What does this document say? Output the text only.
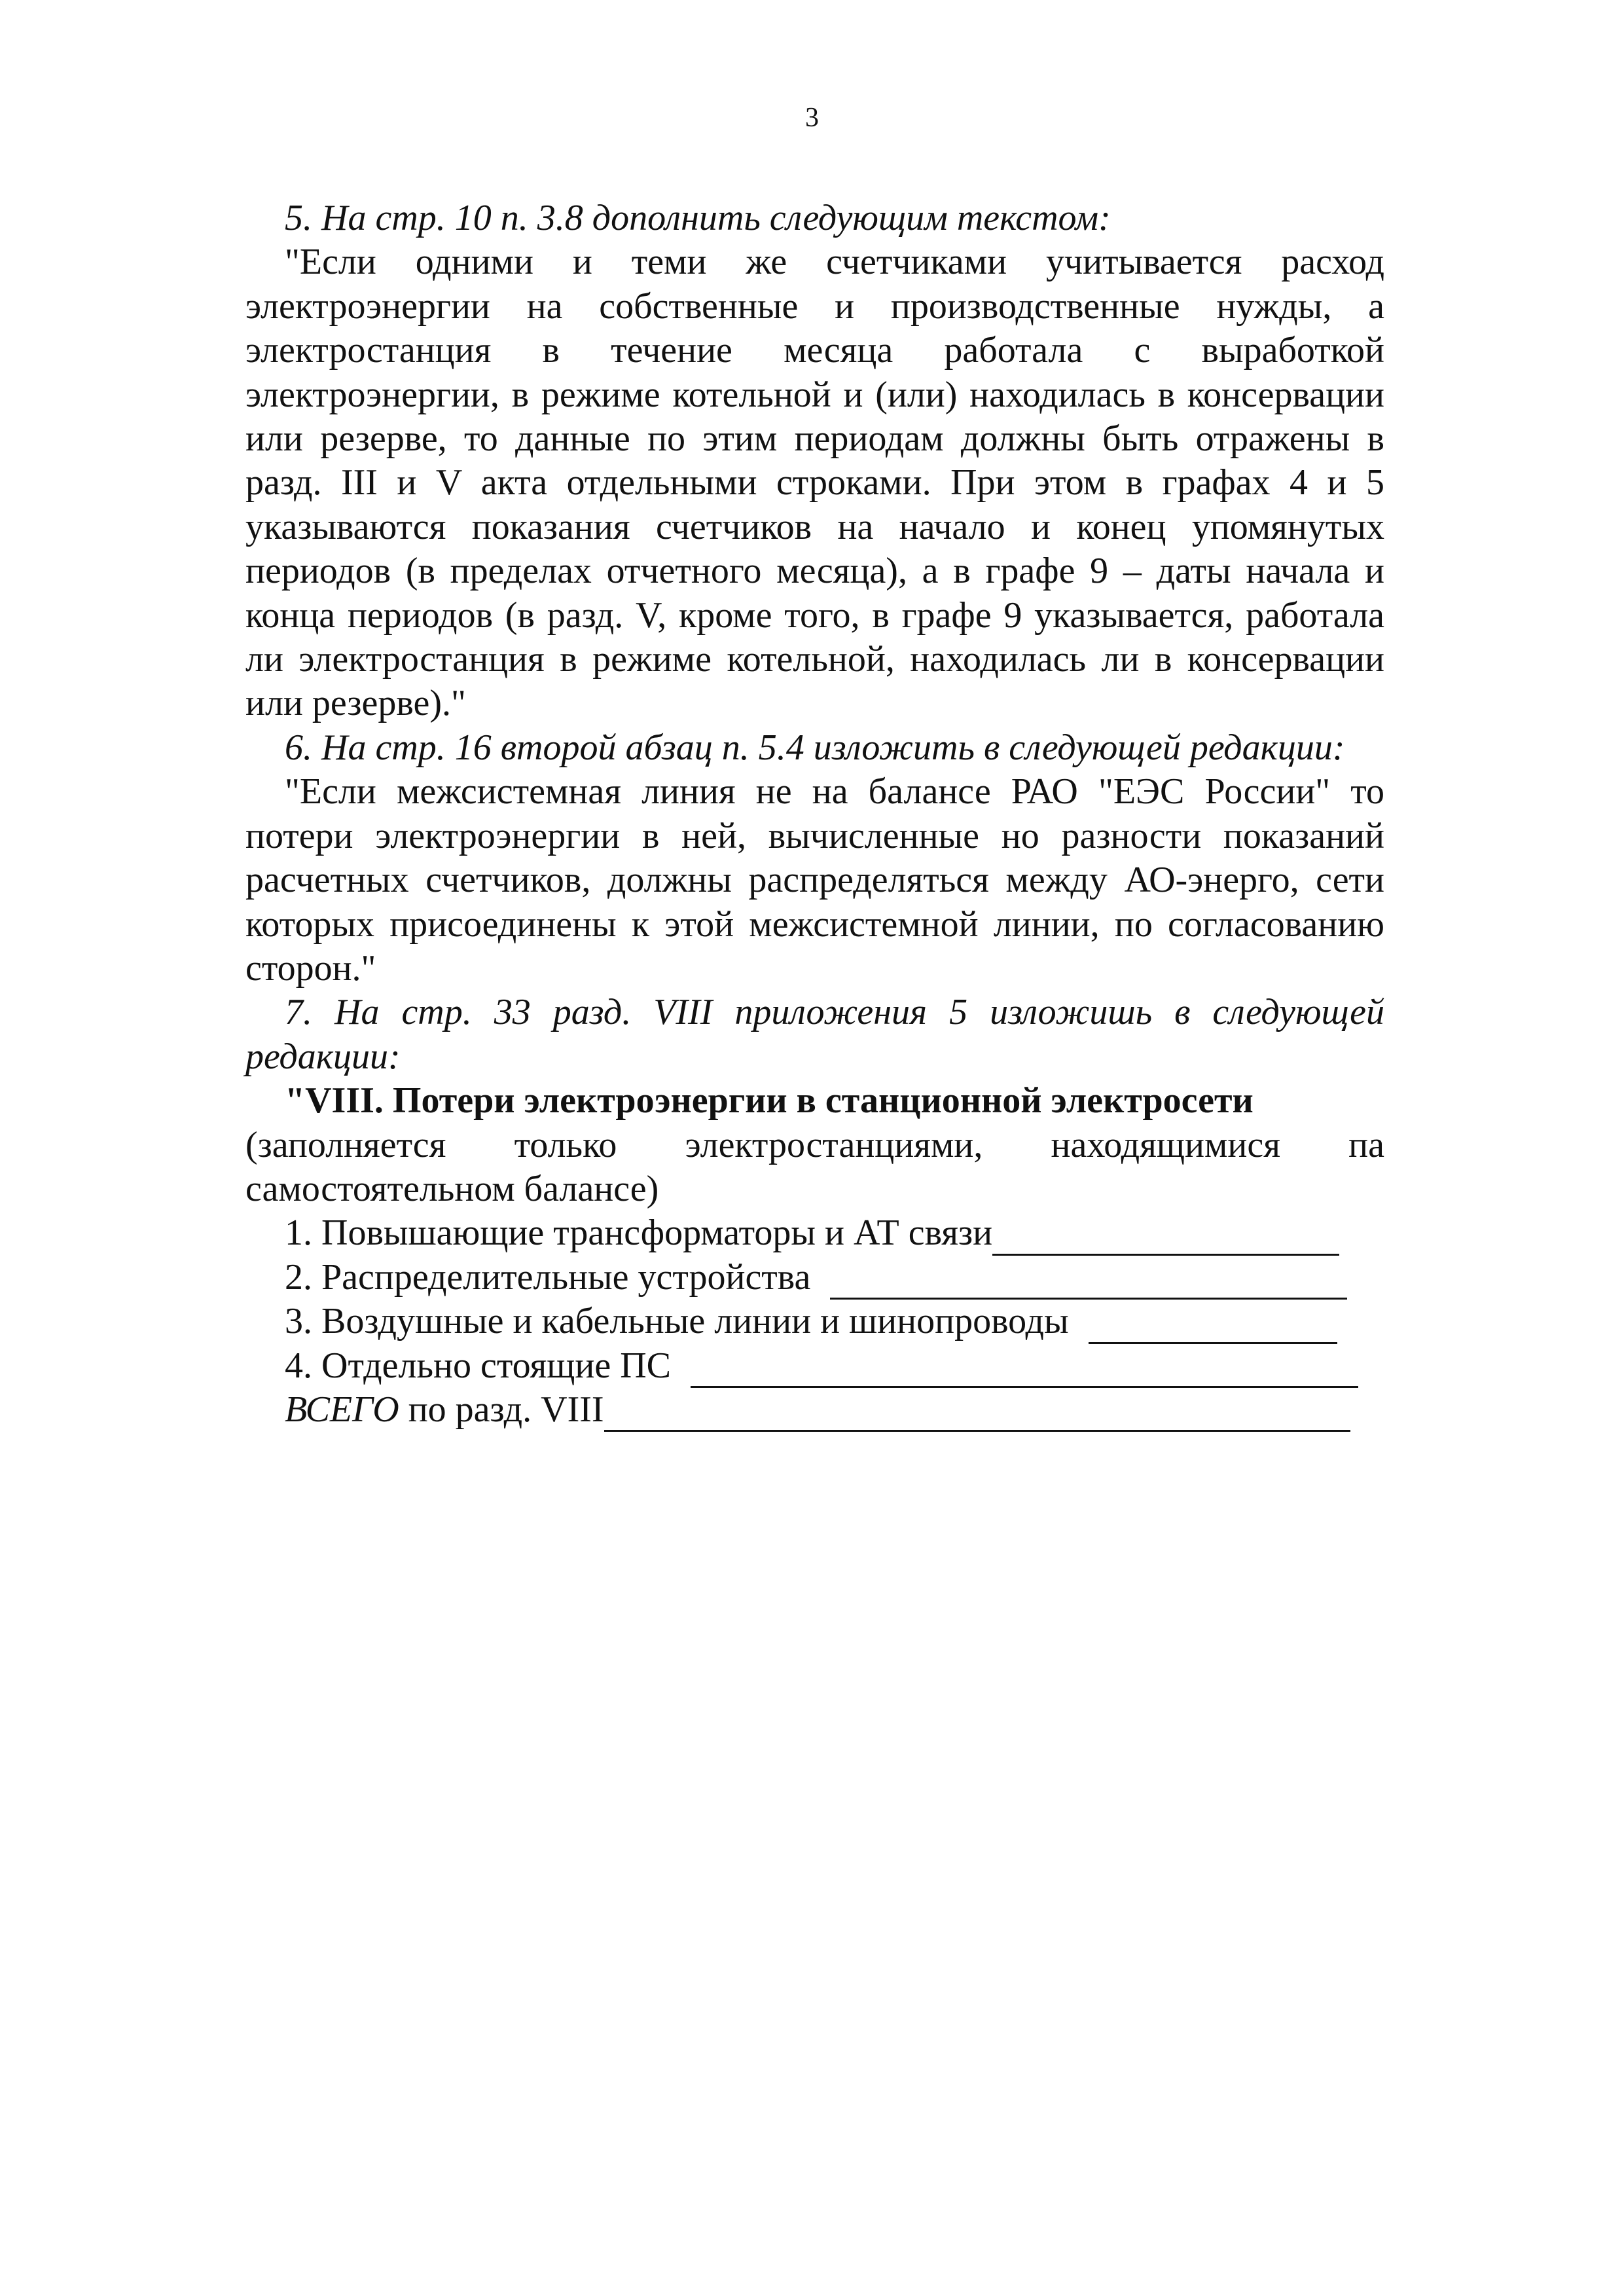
3

5. На стр. 10 п. 3.8 дополнить следующим текстом:

"Если одними и теми же счетчиками учитывается расход электроэнергии на собственные и производственные нужды, а электростанция в течение месяца работала с выработкой электроэнергии, в режиме котельной и (или) находилась в консервации или резерве, то данные по этим периодам должны быть отражены в разд. III и V акта отдельными строками. При этом в графах 4 и 5 указываются показания счетчиков на начало и конец упомянутых периодов (в пределах отчетного месяца), а в графе 9 – даты начала и конца периодов (в разд. V, кроме того, в графе 9 указывается, работала ли электростанция в режиме котельной, находилась ли в консервации или резерве)."

6. На стр. 16 второй абзац п. 5.4 изложить в следующей редакции:

"Если межсистемная линия не на балансе РАО "ЕЭС России" то потери электроэнергии в ней, вычисленные но разности показаний расчетных счетчиков, должны распределяться между АО-энерго, сети которых присоединены к этой межсистемной линии, по согласованию сторон."

7. На стр. 33 разд. VIII приложения 5 изложишь в следующей редакции:

"VIII. Потери электроэнергии в станционной электросети

(заполняется только электростанциями, находящимися па самостоятельном балансе)

1. Повышающие трансформаторы и АТ связи
2. Распределительные устройства
3. Воздушные и кабельные линии и шинопроводы
4. Отдельно стоящие ПС
ВСЕГО по разд. VIII
